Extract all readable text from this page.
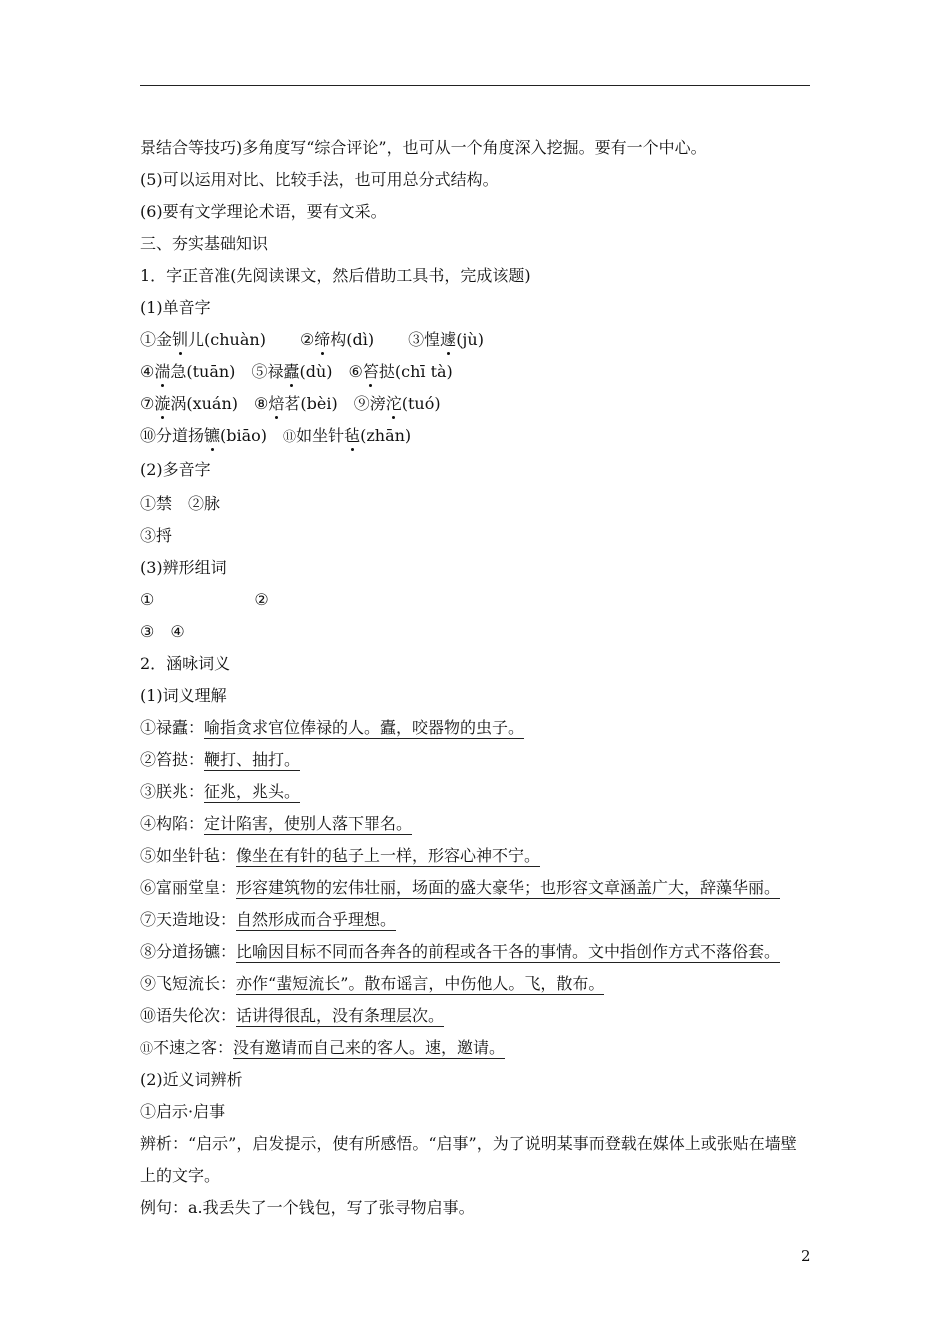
景结合等技巧)多角度写“综合评论”，也可从一个角度深入挖掘。要有一个中心。
(5)可以运用对比、比较手法，也可用总分式结构。
(6)要有文学理论术语，要有文采。
三、夯实基础知识
1．字正音准(先阅读课文，然后借助工具书，完成该题)
(1)单音字
①金钏儿(chuàn) ②缔构(dì) ③惶遽(jù)
④湍急(tuān) ⑤禄蠹(dù) ⑥笞挞(chī tà)
⑦漩涡(xuán) ⑧焙茗(bèi) ⑨滂沱(tuó)
⑩分道扬镳(biāo) ⑪如坐针毡(zhān)
(2)多音字
①禁 ②脉
③捋
(3)辨形组词
①	②
③ ④
2．涵咏词义
(1)词义理解
①禄蠹：喻指贪求官位俸禄的人。蠹，咬器物的虫子。
②笞挞：鞭打、抽打。
③朕兆：征兆，兆头。
④构陷：定计陷害，使别人落下罪名。
⑤如坐针毡：像坐在有针的毡子上一样，形容心神不宁。
⑥富丽堂皇：形容建筑物的宏伟壮丽，场面的盛大豪华；也形容文章涵盖广大，辞藻华丽。
⑦天造地设：自然形成而合乎理想。
⑧分道扬镳：比喻因目标不同而各奔各的前程或各干各的事情。文中指创作方式不落俗套。
⑨飞短流长：亦作“蜚短流长”。散布谣言，中伤他人。飞，散布。
⑩语失伦次：话讲得很乱，没有条理层次。
⑪不速之客：没有邀请而自己来的客人。速，邀请。
(2)近义词辨析
①启示·启事
辨析：“启示”，启发提示，使有所感悟。“启事”，为了说明某事而登载在媒体上或张贴在墙壁上的文字。
例句：a.我丢失了一个钱包，写了张寻物启事。
2
